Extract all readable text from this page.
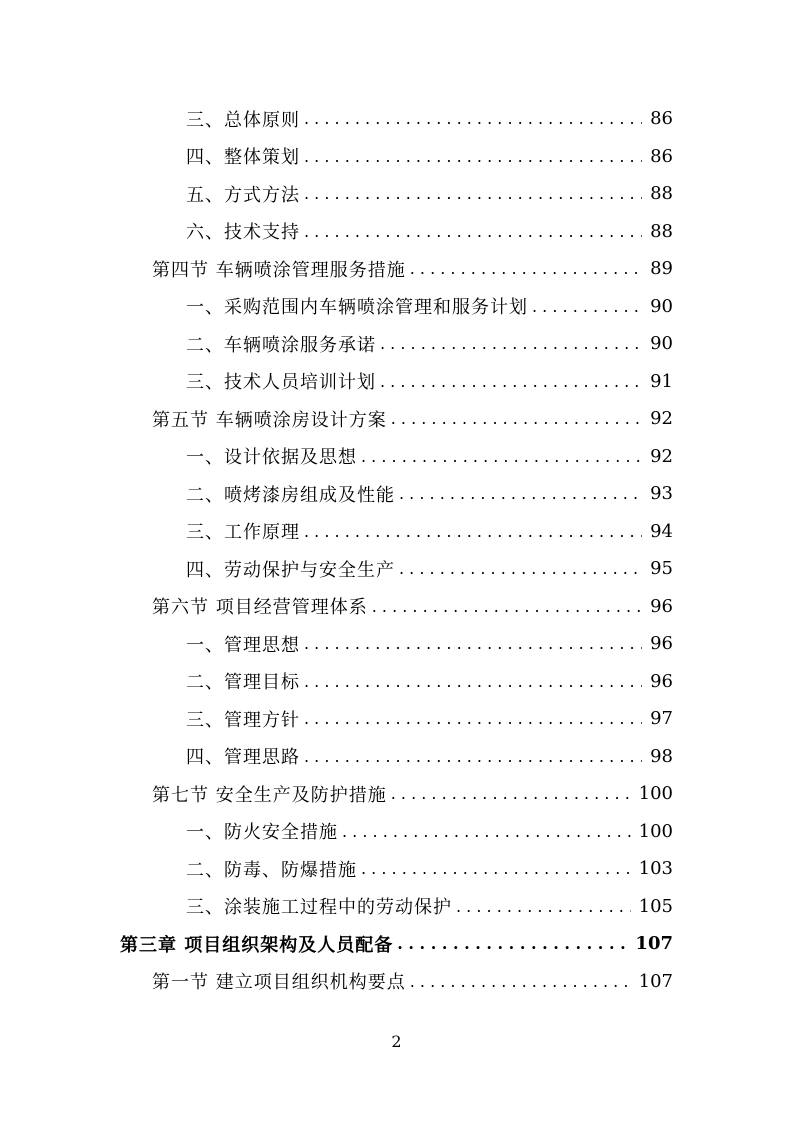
三、总体原则 . . .	86
四、整体策划 . . .	86
五、方式方法 . . .	88
六、技术支持 . . .	88
第四节 车辆喷涂管理服务措施 . . .	89
一、采购范围内车辆喷涂管理和服务计划 . . .	90
二、车辆喷涂服务承诺 . . .	90
三、技术人员培训计划 . . .	91
第五节 车辆喷涂房设计方案 . . .	92
一、设计依据及思想 . . .	92
二、喷烤漆房组成及性能 . . .	93
三、工作原理 . . .	94
四、劳动保护与安全生产 . . .	95
第六节 项目经营管理体系 . . .	96
一、管理思想 . . .	96
二、管理目标 . . .	96
三、管理方针 . . .	97
四、管理思路 . . .	98
第七节 安全生产及防护措施 . . .	100
一、防火安全措施 . . .	100
二、防毒、防爆措施 . . .	103
三、涂装施工过程中的劳动保护 . . .	105
第三章 项目组织架构及人员配备 . . .	107
第一节 建立项目组织机构要点 . . .	107
2
